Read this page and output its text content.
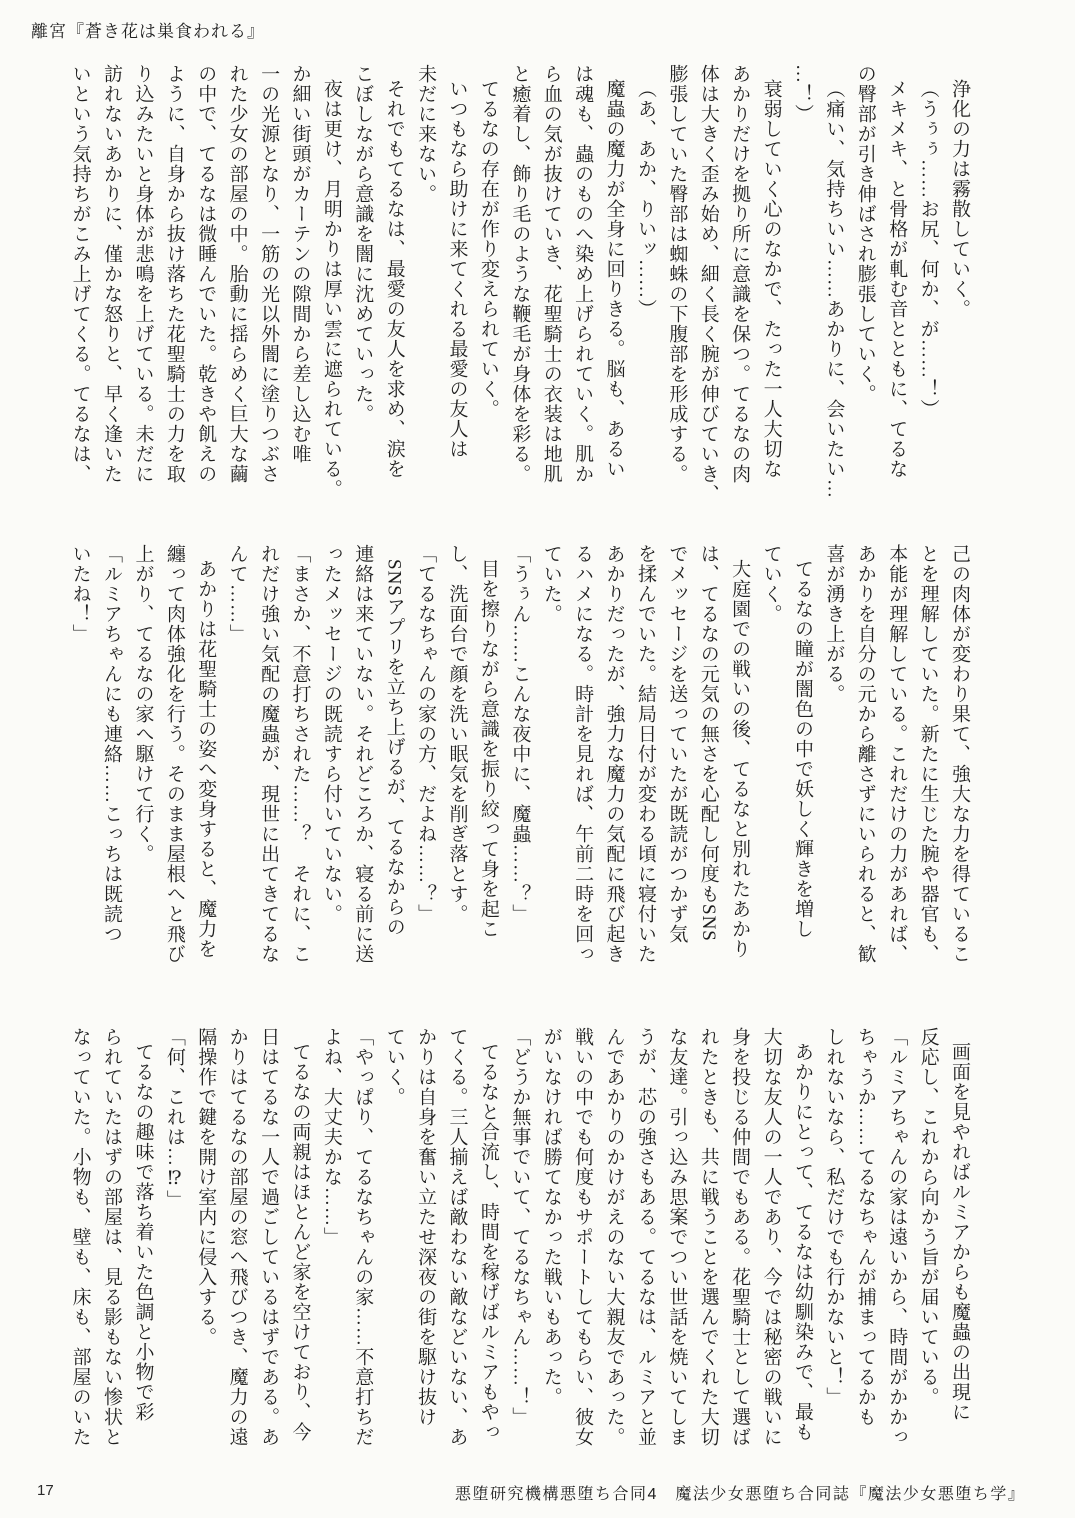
離宮『蒼き花は巣食われる』
浄化の力は霧散していく。
（うぅぅ……お尻、何か、が……！）
メキメキ、と骨格が軋む音とともに、てるな
の臀部が引き伸ばされ膨張していく。
（痛い、気持ちいい……あかりに、会いたい…
…！）
衰弱していく心のなかで、たった一人大切な
あかりだけを拠り所に意識を保つ。てるなの肉
体は大きく歪み始め、細く長く腕が伸びていき、
膨張していた臀部は蜘蛛の下腹部を形成する。
（あ、あか、りいッ……）
魔蟲の魔力が全身に回りきる。脳も、あるい
は魂も、蟲のものへ染め上げられていく。肌か
ら血の気が抜けていき、花聖騎士の衣装は地肌
と癒着し、飾り毛のような鞭毛が身体を彩る。
てるなの存在が作り変えられていく。
いつもなら助けに来てくれる最愛の友人は
未だに来ない。
それでもてるなは、最愛の友人を求め、涙を
こぼしながら意識を闇に沈めていった。
夜は更け、月明かりは厚い雲に遮られている。
か細い街頭がカーテンの隙間から差し込む唯
一の光源となり、一筋の光以外闇に塗りつぶさ
れた少女の部屋の中。胎動に揺らめく巨大な繭
の中で、てるなは微睡んでいた。乾きや飢えの
ように、自身から抜け落ちた花聖騎士の力を取
り込みたいと身体が悲鳴を上げている。未だに
訪れないあかりに、僅かな怒りと、早く逢いた
いという気持ちがこみ上げてくる。てるなは、
己の肉体が変わり果て、強大な力を得ているこ
とを理解していた。新たに生じた腕や器官も、
本能が理解している。これだけの力があれば、
あかりを自分の元から離さずにいられると、歓
喜が湧き上がる。
てるなの瞳が闇色の中で妖しく輝きを増し
ていく。
大庭園での戦いの後、てるなと別れたあかり
は、てるなの元気の無さを心配し何度もSNS
でメッセージを送っていたが既読がつかず気
を揉んでいた。結局日付が変わる頃に寝付いた
あかりだったが、強力な魔力の気配に飛び起き
るハメになる。時計を見れば、午前二時を回っ
ていた。
「うぅん……こんな夜中に、魔蟲……？」
目を擦りながら意識を振り絞って身を起こ
し、洗面台で顔を洗い眠気を削ぎ落とす。
「てるなちゃんの家の方、だよね……？」
SNSアプリを立ち上げるが、てるなからの
連絡は来ていない。それどころか、寝る前に送
ったメッセージの既読すら付いていない。
「まさか、不意打ちされた……？　それに、こ
れだけ強い気配の魔蟲が、現世に出てきてるな
んて……」
あかりは花聖騎士の姿へ変身すると、魔力を
纏って肉体強化を行う。そのまま屋根へと飛び
上がり、てるなの家へ駆けて行く。
「ルミアちゃんにも連絡……こっちは既読つ
いたね！」
画面を見やればルミアからも魔蟲の出現に
反応し、これから向かう旨が届いている。
「ルミアちゃんの家は遠いから、時間がかかっ
ちゃうか……てるなちゃんが捕まってるかも
しれないなら、私だけでも行かないと！」
あかりにとって、てるなは幼馴染みで、最も
大切な友人の一人であり、今では秘密の戦いに
身を投じる仲間でもある。花聖騎士として選ば
れたときも、共に戦うことを選んでくれた大切
な友達。引っ込み思案でつい世話を焼いてしま
うが、芯の強さもある。てるなは、ルミアと並
んであかりのかけがえのない大親友であった。
戦いの中でも何度もサポートしてもらい、彼女
がいなければ勝てなかった戦いもあった。
「どうか無事でいて、てるなちゃん……！」
てるなと合流し、時間を稼げばルミアもやっ
てくる。三人揃えば敵わない敵などいない、あ
かりは自身を奮い立たせ深夜の街を駆け抜け
ていく。
「やっぱり、てるなちゃんの家……不意打ちだ
よね、大丈夫かな……」
てるなの両親はほとんど家を空けており、今
日はてるな一人で過ごしているはずである。あ
かりはてるなの部屋の窓へ飛びつき、魔力の遠
隔操作で鍵を開け室内に侵入する。
「何、これは…⁉」
てるなの趣味で落ち着いた色調と小物で彩
られていたはずの部屋は、見る影もない惨状と
なっていた。小物も、壁も、床も、部屋のいた
17	悪堕研究機構悪堕ち合同4　魔法少女悪堕ち合同誌『魔法少女悪堕ち学』
